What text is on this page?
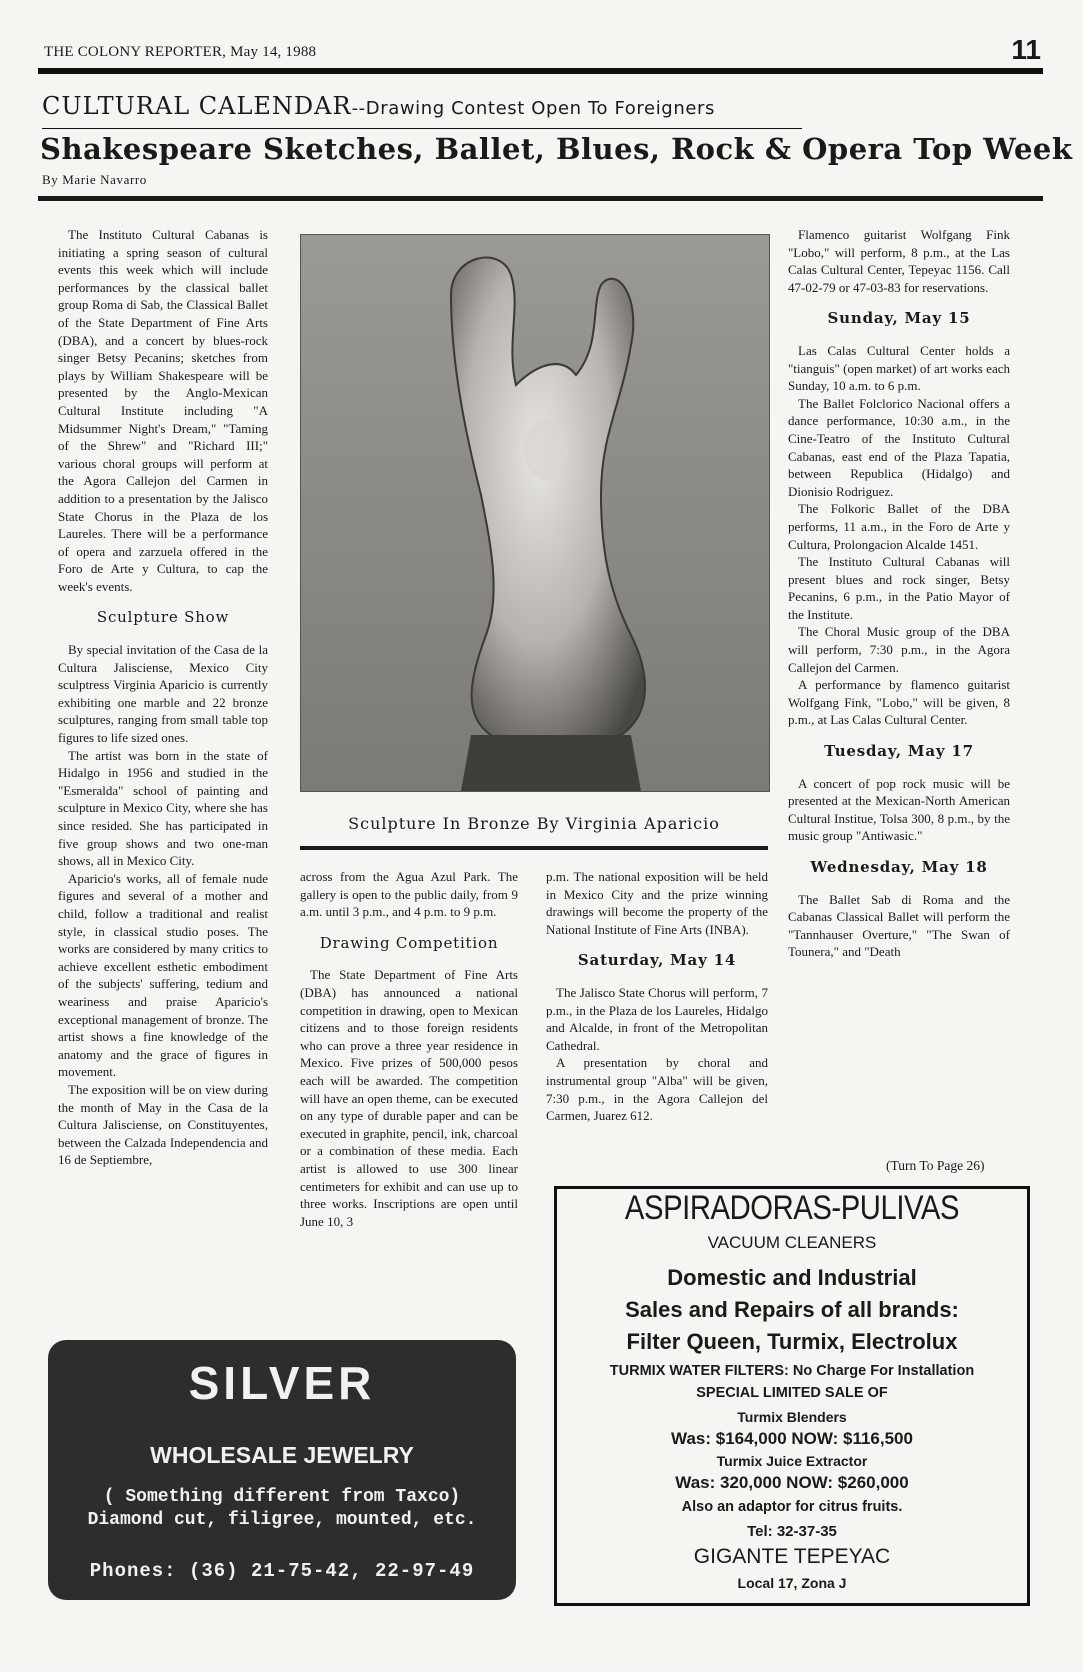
THE COLONY REPORTER, May 14, 1988	11
CULTURAL CALENDAR--Drawing Contest Open To Foreigners
Shakespeare Sketches, Ballet, Blues, Rock & Opera Top Week
By Marie Navarro

The Instituto Cultural Cabanas is initiating a spring season of cultural events this week which will include performances by the classical ballet group Roma di Sab, the Classical Ballet of the State Department of Fine Arts (DBA), and a concert by blues-rock singer Betsy Pecanins; sketches from plays by William Shakespeare will be presented by the Anglo-Mexican Cultural Institute including "A Midsummer Night's Dream," "Taming of the Shrew" and "Richard III;" various choral groups will perform at the Agora Callejon del Carmen in addition to a presentation by the Jalisco State Chorus in the Plaza de los Laureles. There will be a performance of opera and zarzuela offered in the Foro de Arte y Cultura, to cap the week's events.

Sculpture Show

By special invitation of the Casa de la Cultura Jalisciense, Mexico City sculptress Virginia Aparicio is currently exhibiting one marble and 22 bronze sculptures, ranging from small table top figures to life sized ones.

The artist was born in the state of Hidalgo in 1956 and studied in the "Esmeralda" school of painting and sculpture in Mexico City, where she has since resided. She has participated in five group shows and two one-man shows, all in Mexico City.

Aparicio's works, all of female nude figures and several of a mother and child, follow a traditional and realist style, in classical studio poses. The works are considered by many critics to achieve excellent esthetic embodiment of the subjects' suffering, tedium and weariness and praise Aparicio's exceptional management of bronze. The artist shows a fine knowledge of the anatomy and the grace of figures in movement.

The exposition will be on view during the month of May in the Casa de la Cultura Jalisciense, on Constituyentes, between the Calzada Independencia and 16 de Septiembre,

Sculpture In Bronze By Virginia Aparicio

across from the Agua Azul Park. The gallery is open to the public daily, from 9 a.m. until 3 p.m., and 4 p.m. to 9 p.m.

Drawing Competition

The State Department of Fine Arts (DBA) has announced a national competition in drawing, open to Mexican citizens and to those foreign residents who can prove a three year residence in Mexico. Five prizes of 500,000 pesos each will be awarded. The competition will have an open theme, can be executed on any type of durable paper and can be executed in graphite, pencil, ink, charcoal or a combination of these media. Each artist is allowed to use 300 linear centimeters for exhibit and can use up to three works. Inscriptions are open until June 10, 3

p.m. The national exposition will be held in Mexico City and the prize winning drawings will become the property of the National Institute of Fine Arts (INBA).

Saturday, May 14

The Jalisco State Chorus will perform, 7 p.m., in the Plaza de los Laureles, Hidalgo and Alcalde, in front of the Metropolitan Cathedral.

A presentation by choral and instrumental group "Alba" will be given, 7:30 p.m., in the Agora Callejon del Carmen, Juarez 612.

Flamenco guitarist Wolfgang Fink "Lobo," will perform, 8 p.m., at the Las Calas Cultural Center, Tepeyac 1156. Call 47-02-79 or 47-03-83 for reservations.

Sunday, May 15

Las Calas Cultural Center holds a "tianguis" (open market) of art works each Sunday, 10 a.m. to 6 p.m.

The Ballet Folclorico Nacional offers a dance performance, 10:30 a.m., in the Cine-Teatro of the Instituto Cultural Cabanas, east end of the Plaza Tapatia, between Republica (Hidalgo) and Dionisio Rodriguez.

The Folkoric Ballet of the DBA performs, 11 a.m., in the Foro de Arte y Cultura, Prolongacion Alcalde 1451.

The Instituto Cultural Cabanas will present blues and rock singer, Betsy Pecanins, 6 p.m., in the Patio Mayor of the Institute.

The Choral Music group of the DBA will perform, 7:30 p.m., in the Agora Callejon del Carmen.

A performance by flamenco guitarist Wolfgang Fink, "Lobo," will be given, 8 p.m., at Las Calas Cultural Center.

Tuesday, May 17

A concert of pop rock music will be presented at the Mexican-North American Cultural Institue, Tolsa 300, 8 p.m., by the music group "Antiwasic."

Wednesday, May 18

The Ballet Sab di Roma and the Cabanas Classical Ballet will perform the "Tannhauser Overture," "The Swan of Tounera," and "Death

(Turn To Page 26)
SILVER
WHOLESALE JEWELRY
( Something different from Taxco) Diamond cut, filigree, mounted, etc.
Phones: (36) 21-75-42, 22-97-49
ASPIRADORAS-PULIVAS
VACUUM CLEANERS
Domestic and Industrial
Sales and Repairs of all brands:
Filter Queen, Turmix, Electrolux
TURMIX WATER FILTERS: No Charge For Installation
SPECIAL LIMITED SALE OF
Turmix Blenders
Was: $164,000 NOW: $116,500
Turmix Juice Extractor
Was: 320,000 NOW: $260,000
Also an adaptor for citrus fruits.
Tel: 32-37-35
GIGANTE TEPEYAC
Local 17, Zona J
